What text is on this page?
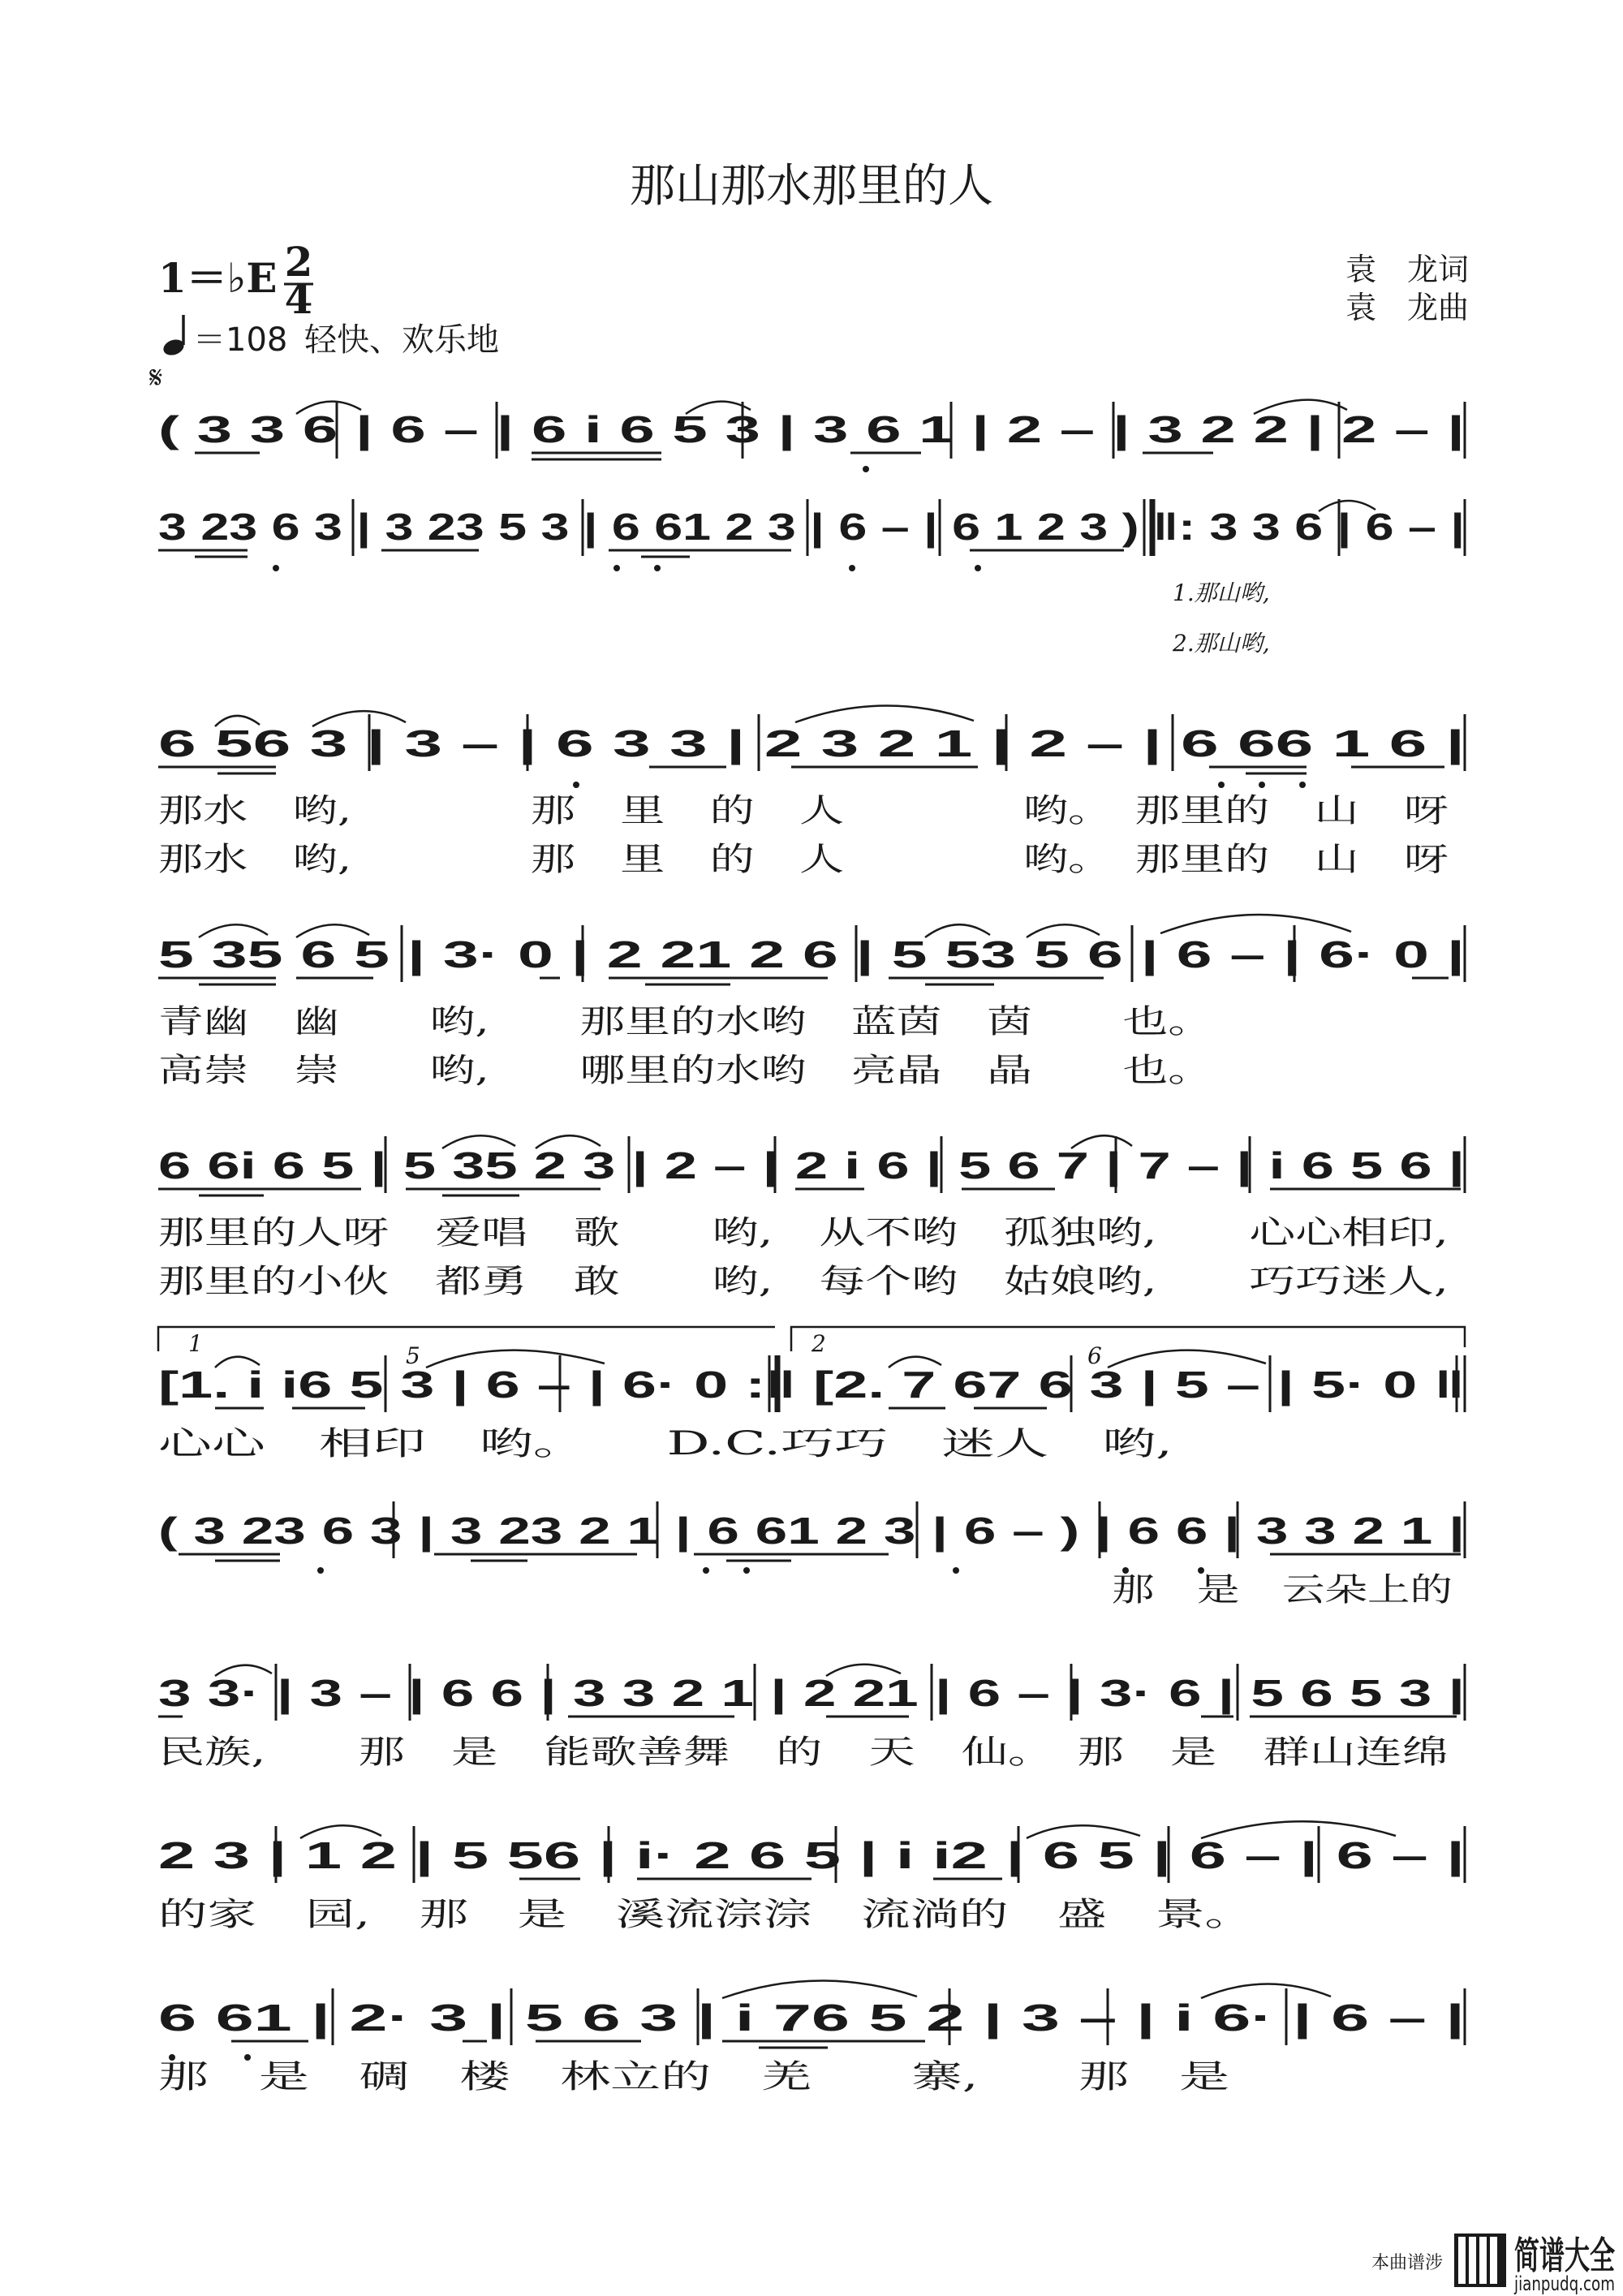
那山那水那里的人
袁　龙词
袁　龙曲
1＝♭E 2
4
＝108 轻快、欢乐地
𝄋
( 3 3 6 | 6 – | 6 i 6 5 3 | 3 6 1 | 2 – | 3 2 2 | 2 – |
3 23 6 3 | 3 23 5 3 | 6 61 2 3 | 6 – | 6 1 2 3 ) ‖: 3 3 6 | 6 – |
1.那山哟,
2.那山哟,
6 56 3 | 3 – | 6 3 3 | 2 3 2 1 | 2 – | 6 66 1 6 |
那水　哟,　　　　那　里　的　人　　　　哟。　那里的　山　呀
那水　哟,　　　　那　里　的　人　　　　哟。　那里的　山　呀
5 35 6 5 | 3· 0 | 2 21 2 6 | 5 53 5 6 | 6 – | 6· 0 |
青幽　幽　　哟,　　那里的水哟　蓝茵　茵　　也。
高崇　崇　　哟,　　哪里的水哟　亮晶　晶　　也。
6 6i 6 5 | 5 35 2 3 | 2 – | 2 i 6 | 5 6 7 | 7 – | i 6 5 6 |
那里的人呀　爱唱　歌　　哟,　从不哟　孤独哟,　　心心相印,
那里的小伙　都勇　敢　　哟,　每个哟　姑娘哟,　　巧巧迷人,
1	2
[1. i i6 5 3 | 6 – | 6· 0 :‖ [2. 7 67 6 3 | 5 – | 5· 0 ‖
5	6
心心　相印　哟。　　D.C.巧巧　迷人　哟,
( 3 23 6 3 | 3 23 2 1 | 6 61 2 3 | 6 – ) | 6 6 | 3 3 2 1 |
那　是　云朵上的
3 3· | 3 – | 6 6 | 3 3 2 1 | 2 21 | 6 – | 3· 6 | 5 6 5 3 |
民族,　　那　是　能歌善舞　的　天　仙。　那　是　群山连绵
2 3 | 1 2 | 5 56 | i· 2 6 5 | i i2 | 6 5 | 6 – | 6 – |
的家　园,　那　是　溪流淙淙　流淌的　盛　景。
6 61 | 2· 3 | 5 6 3 | i 76 5 2 | 3 – | i 6· | 6 – |
那　是　碉　楼　林立的　羌　　寨,　　那　是
本曲谱涉 简谱大全
jianpudq.com
